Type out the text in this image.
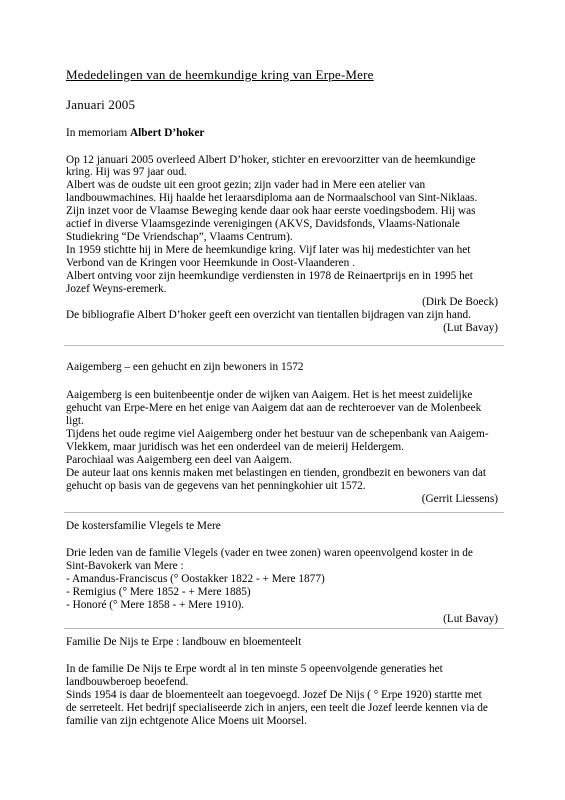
Mededelingen van de heemkundige kring van Erpe-Mere
Januari 2005
In memoriam Albert D’hoker
Op 12 januari 2005 overleed Albert D’hoker, stichter en erevoorzitter van de heemkundige
kring. Hij was 97 jaar oud.
Albert was de oudste uit een groot gezin; zijn vader had in Mere een atelier van
landbouwmachines. Hij haalde het leraarsdiploma aan de Normaalschool van Sint-Niklaas.
Zijn inzet voor de Vlaamse Beweging kende daar ook haar eerste voedingsbodem. Hij was
actief in diverse Vlaamsgezinde verenigingen (AKVS, Davidsfonds, Vlaams-Nationale
Studiekring “De Vriendschap”, Vlaams Centrum).
In 1959 stichtte hij in Mere de heemkundige kring. Vijf later was hij medestichter van het
Verbond van de Kringen voor Heemkunde in Oost-Vlaanderen .
Albert ontving voor zijn heemkundige verdiensten in 1978 de Reinaertprijs en in 1995 het
Jozef Weyns-eremerk.
(Dirk De Boeck)
De bibliografie Albert D’hoker geeft een overzicht van tientallen bijdragen van zijn hand.
(Lut Bavay)
Aaigemberg – een gehucht en zijn bewoners in 1572
Aaigemberg is een buitenbeentje onder de wijken van Aaigem. Het is het meest zuidelijke
gehucht van Erpe-Mere en het enige van Aaigem dat aan de rechteroever van de Molenbeek
ligt.
Tijdens het oude regime viel Aaigemberg onder het bestuur van de schepenbank van Aaigem-
Vlekkem, maar juridisch was het een onderdeel van de meierij Heldergem.
Parochiaal was Aaigemberg een deel van Aaigem.
De auteur laat ons kennis maken met belastingen en tienden, grondbezit en bewoners van dat
gehucht op basis van de gegevens van het penningkohier uit 1572.
(Gerrit Liessens)
De kostersfamilie Vlegels te Mere
Drie leden van de familie Vlegels (vader en twee zonen) waren opeenvolgend koster in de
Sint-Bavokerk van Mere :
- Amandus-Franciscus (° Oostakker 1822 - + Mere 1877)
- Remigius (° Mere 1852 - + Mere 1885)
- Honoré (° Mere 1858 - + Mere 1910).
(Lut Bavay)
Familie De Nijs te Erpe : landbouw en bloementeelt
In de familie De Nijs te Erpe wordt al in ten minste 5 opeenvolgende generaties het
landbouwberoep beoefend.
Sinds 1954 is daar de bloementeelt aan toegevoegd. Jozef De Nijs ( ° Erpe 1920) startte met
de serreteelt. Het bedrijf specialiseerde zich in anjers, een teelt die Jozef leerde kennen via de
familie van zijn echtgenote Alice Moens uit Moorsel.
